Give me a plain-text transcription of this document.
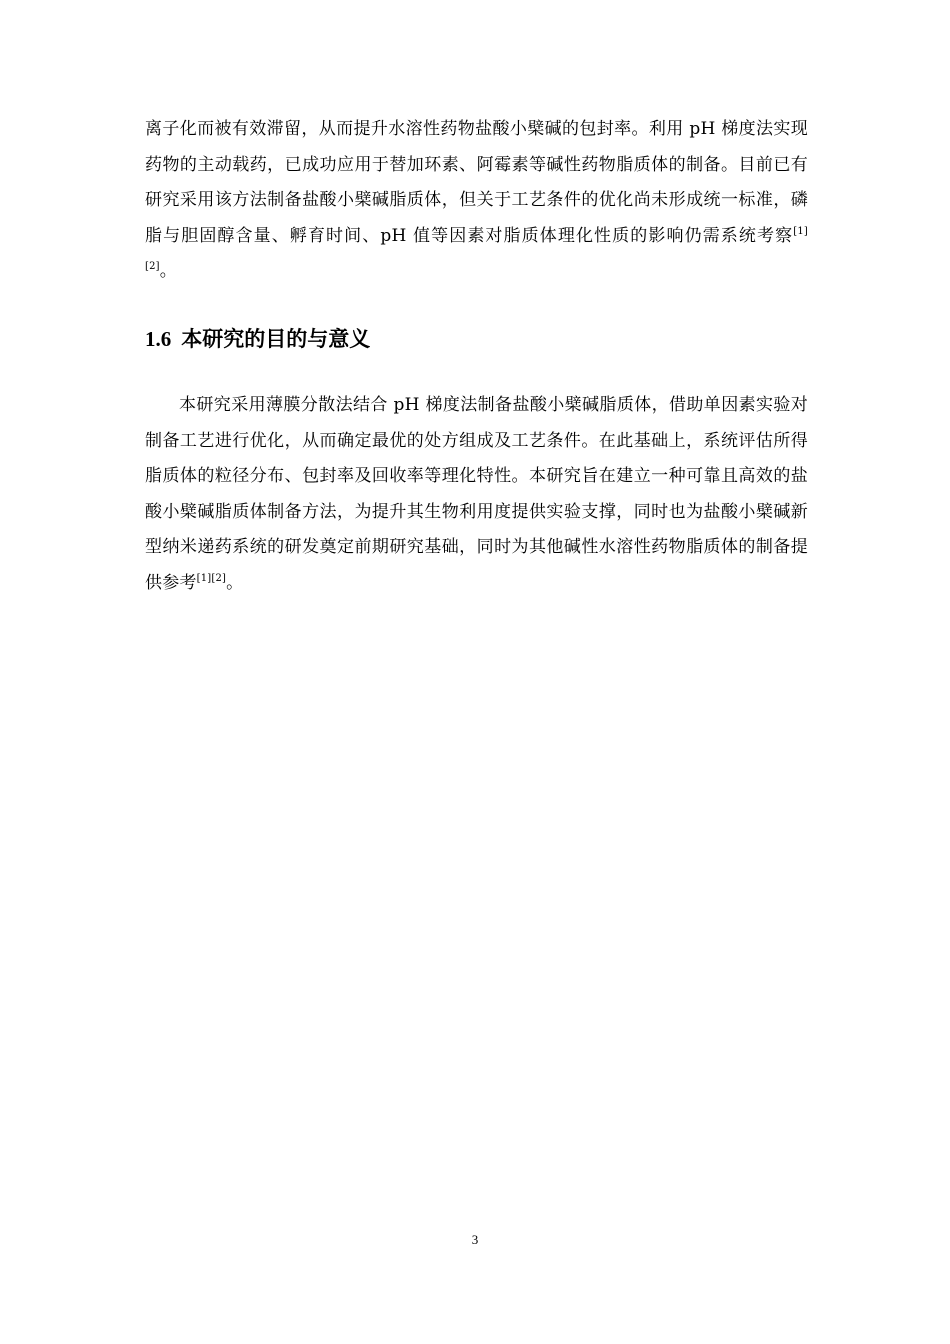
离子化而被有效滞留，从而提升水溶性药物盐酸小檗碱的包封率。利用 pH 梯度法实现药物的主动载药，已成功应用于替加环素、阿霉素等碱性药物脂质体的制备。目前已有研究采用该方法制备盐酸小檗碱脂质体，但关于工艺条件的优化尚未形成统一标准，磷脂与胆固醇含量、孵育时间、pH 值等因素对脂质体理化性质的影响仍需系统考察[1][2]。

1.6 本研究的目的与意义

本研究采用薄膜分散法结合 pH 梯度法制备盐酸小檗碱脂质体，借助单因素实验对制备工艺进行优化，从而确定最优的处方组成及工艺条件。在此基础上，系统评估所得脂质体的粒径分布、包封率及回收率等理化特性。本研究旨在建立一种可靠且高效的盐酸小檗碱脂质体制备方法，为提升其生物利用度提供实验支撑，同时也为盐酸小檗碱新型纳米递药系统的研发奠定前期研究基础，同时为其他碱性水溶性药物脂质体的制备提供参考[1][2]。

3
